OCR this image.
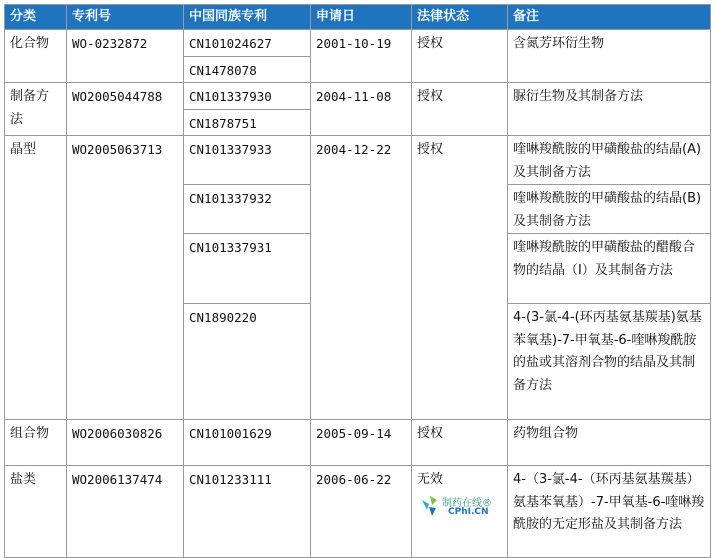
分类	专利号	中国同族专利	申请日	法律状态	备注
化合物	WO-0232872	CN101024627	2001-10-19	授权	含氮芳环衍生物
		CN1478078			
制备方法	WO2005044788	CN101337930	2004-11-08	授权	脲衍生物及其制备方法
		CN1878751			
晶型	WO2005063713	CN101337933	2004-12-22	授权	喹啉羧酰胺的甲磺酸盐的结晶(A)及其制备方法
		CN101337932			喹啉羧酰胺的甲磺酸盐的结晶(B)及其制备方法
		CN101337931			喹啉羧酰胺的甲磺酸盐的醋酸合物的结晶（I）及其制备方法
		CN1890220			4-(3-氯-4-(环丙基氨基羰基)氨基苯氧基)-7-甲氧基-6-喹啉羧酰胺的盐或其溶剂合物的结晶及其制备方法
组合物	WO2006030826	CN101001629	2005-09-14	授权	药物组合物
盐类	WO2006137474	CN101233111	2006-06-22	无效	4-（3-氯-4-（环丙基氨基羰基）氨基苯氧基）-7-甲氧基-6-喹啉羧酰胺的无定形盐及其制备方法
制药在线®
CPhI.CN
